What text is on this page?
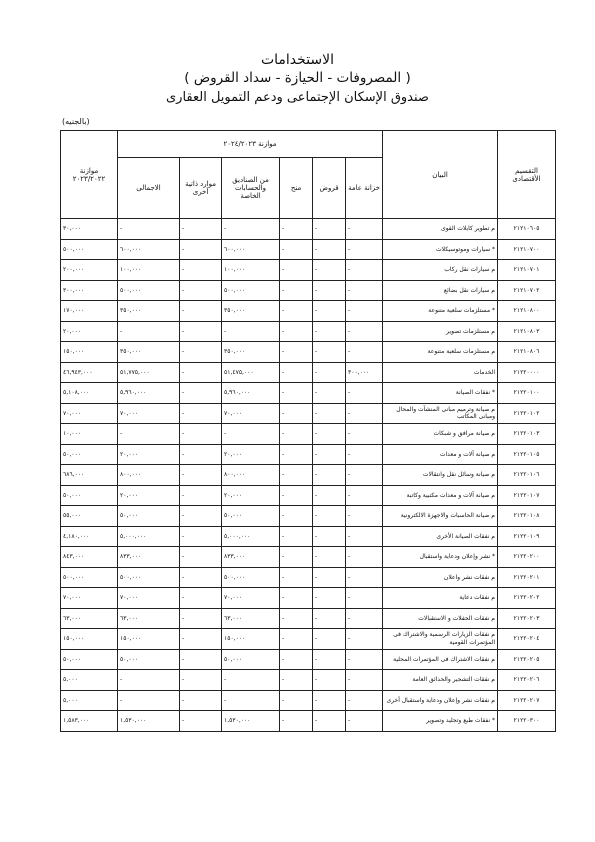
الاستخدامات
( المصروفات - الحيازة - سداد القروض )
صندوق الإسكان الإجتماعى ودعم التمويل العقارى
(بالجنيه)
التقسيم الأقتصادى	البيان	موازنة ٢٠٢٤/٢٠٢٣						موازنة ٢٠٢٣/٢٠٢٢
		خزانة عامة	قروض	منح	من الصناديق والحسابات الخاصة	موارد ذاتية أخرى	الاجمالى	
٢١٢١٠٦٠٥	م تطوير كابلات القوى	-	-	-	-	-	-	٣٠,٠٠٠
٢١٢١٠٧٠٠	* سيارات وموتوسيكلات	-	-	-	٦٠٠,٠٠٠	-	٦٠٠,٠٠٠	٥٠٠,٠٠٠
٢١٢١٠٧٠١	م سيارات نقل ركاب	-	-	-	١٠٠,٠٠٠	-	١٠٠,٠٠٠	٢٠٠,٠٠٠
٢١٢١٠٧٠٢	م سيارات نقل بضائع	-	-	-	٥٠٠,٠٠٠	-	٥٠٠,٠٠٠	٣٠٠,٠٠٠
٢١٢١٠٨٠٠	* مستلزمات سلعية متنوعة	-	-	-	٣٥٠,٠٠٠	-	٣٥٠,٠٠٠	١٧٠,٠٠٠
٢١٢١٠٨٠٣	م مستلزمات تصوير	-	-	-	-	-	-	٢٠,٠٠٠
٢١٢١٠٨٠٦	م مستلزمات سلعية متنوعة	-	-	-	٣٥٠,٠٠٠	-	٣٥٠,٠٠٠	١٥٠,٠٠٠
٢١٢٢٠٠٠٠	الخدمات	٣٠٠,٠٠٠	-	-	٥١,٤٧٥,٠٠٠	-	٥١,٧٧٥,٠٠٠	٤٦,٩٤٣,٠٠٠
٢١٢٢٠١٠٠	* نفقات الصيانة	-	-	-	٥,٩٦٠,٠٠٠	-	٥,٩٦٠,٠٠٠	٥,١٠٨,٠٠٠
٢١٢٢٠١٠٢	م صيانة وترميم مبانى المنشآت والمحال ومبانى المكاتب	-	-	-	٧٠,٠٠٠	-	٧٠,٠٠٠	٧٠,٠٠٠
٢١٢٢٠١٠٣	م صيانة مرافق و شبكات	-	-	-	-	-	-	١٠,٠٠٠
٢١٢٢٠١٠٥	م صيانة آلات و معدات	-	-	-	٢٠,٠٠٠	-	٢٠,٠٠٠	٥٠,٠٠٠
٢١٢٢٠١٠٦	م صيانة وسائل نقل وانتقالات	-	-	-	٨٠٠,٠٠٠	-	٨٠٠,٠٠٠	٦٨٦,٠٠٠
٢١٢٢٠١٠٧	م صيانة آلات و معدات مكتبية وكاتبة	-	-	-	٢٠,٠٠٠	-	٢٠,٠٠٠	٥٠,٠٠٠
٢١٢٢٠١٠٨	م صيانة الحاسبات والاجهزة الالكترونية	-	-	-	٥٠,٠٠٠	-	٥٠,٠٠٠	٥٥,٠٠٠
٢١٢٢٠١٠٩	م نفقات الصيانة الأخرى	-	-	-	٥,٠٠٠,٠٠٠	-	٥,٠٠٠,٠٠٠	٤,١٨٠,٠٠٠
٢١٢٢٠٢٠٠	* نشر وإعلان ودعاية واستقبال	-	-	-	٨٣٣,٠٠٠	-	٨٣٣,٠٠٠	٨٤٣,٠٠٠
٢١٢٢٠٢٠١	م نفقات نشر واعلان	-	-	-	٥٠٠,٠٠٠	-	٥٠٠,٠٠٠	٥٠٠,٠٠٠
٢١٢٢٠٢٠٢	م نفقات دعاية	-	-	-	٧٠,٠٠٠	-	٧٠,٠٠٠	٧٠,٠٠٠
٢١٢٢٠٢٠٣	م نفقات الحفلات و الاستقبالات	-	-	-	٦٣,٠٠٠	-	٦٣,٠٠٠	٦٣,٠٠٠
٢١٢٢٠٢٠٤	م نفقات الزيارات الرسمية والاشتراك فى المؤتمرات القومية	-	-	-	١٥٠,٠٠٠	-	١٥٠,٠٠٠	١٥٠,٠٠٠
٢١٢٢٠٢٠٥	م نفقات الاشتراك فى المؤتمرات المحلية	-	-	-	٥٠,٠٠٠	-	٥٠,٠٠٠	٥٠,٠٠٠
٢١٢٢٠٢٠٦	م نفقات التشجير والحدائق العامة	-	-	-	-	-	-	٥,٠٠٠
٢١٢٢٠٢٠٧	م نفقات نشر وإعلان ودعاية واستقبال أخرى	-	-	-	-	-	-	٥,٠٠٠
٢١٢٢٠٣٠٠	* نفقات طبع وتجليد وتصوير	-	-	-	١,٥٣٠,٠٠٠	-	١,٥٣٠,٠٠٠	١,٥٨٣,٠٠٠
